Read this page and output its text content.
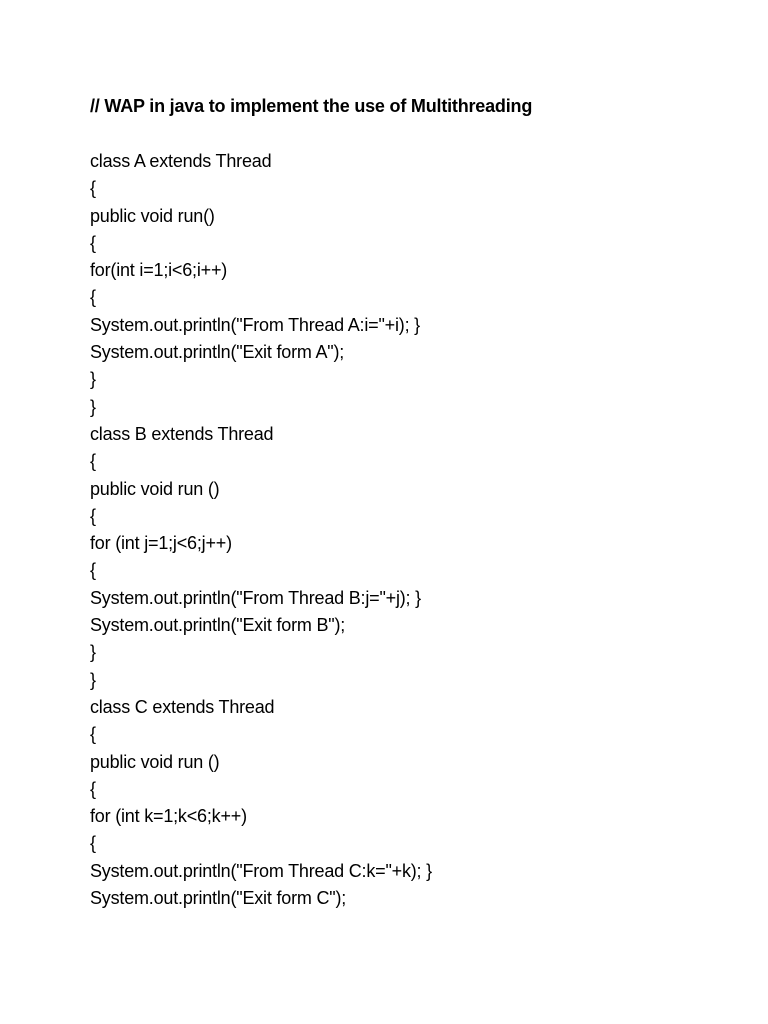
// WAP in java to implement the use of Multithreading
class A extends Thread
{
public void run()
{
for(int i=1;i<6;i++)
{
System.out.println("From Thread A:i="+i); }
System.out.println("Exit form A");
}
}
class B extends Thread
{
public void run ()
{
for (int j=1;j<6;j++)
{
System.out.println("From Thread B:j="+j); }
System.out.println("Exit form B");
}
}
class C extends Thread
{
public void run ()
{
for (int k=1;k<6;k++)
{
System.out.println("From Thread C:k="+k); }
System.out.println("Exit form C");
